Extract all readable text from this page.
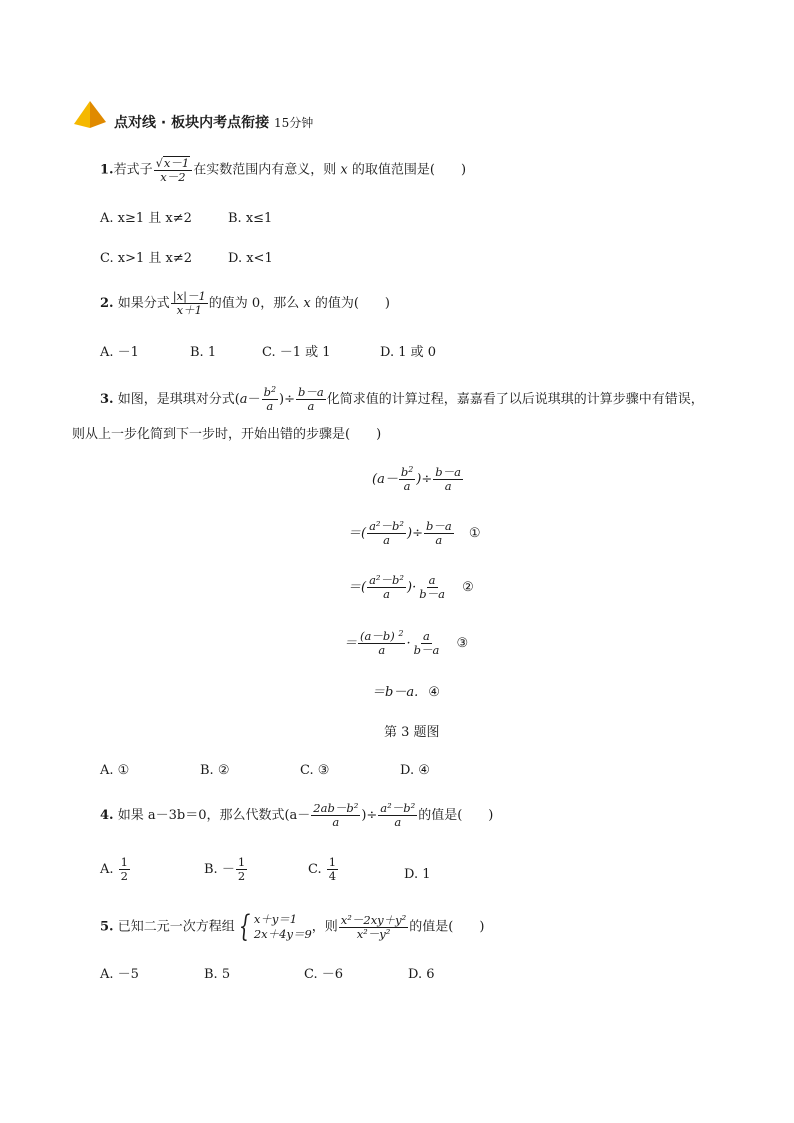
点对线 · 板块内考点衔接 15分钟
1.若式子 $\frac{√ x-1}{x-2}$ 在实数范围内有意义，则 x 的取值范围是(　　)
A. x≥1 且 x≠2	B. x≤1
C. x>1 且 x≠2	D. x<1
2. 如果分式 $\frac{|x|-1}{x+1}$ 的值为 0，那么 x 的值为(　　)
A. －1	B. 1	C. －1 或 1	D. 1 或 0
3. 如图，是琪琪对分式($a- \frac{b^2}{a}$ )÷ $\frac{b-a}{a}$ 化简求值的计算过程，嘉嘉看了以后说琪琪的计算步骤中有错误，
则从上一步化简到下一步时，开始出错的步骤是(　　)
($a- \frac{b^2}{a}$ )÷ $\frac{b-a}{a}$
＝( $\frac{\text{a²－b²}}{a}$ )÷ $\frac{b-a}{a}$ ①
＝( $\frac{\text{a²－b²}}{a}$ )· $\frac{a}{b-a}$ ②
＝ $\frac{(a-b) ^2}{a} \cdot \frac{a}{b-a}$ ③
＝b－a. ④
第 3 题图
A. ①	B. ②	C. ③	D. ④
4. 如果 a－3b＝0，那么代数式($a- \frac{\text{2ab－b²}}{a}$ )÷ $\frac{\text{a²－b²}}{a}$ 的值是(　　)
A. $\frac{1}{2}$	B. － $\frac{1}{2}$	C. $\frac{1}{4}$	D. 1
5. 已知二元一次方程组 { x＋y＝1
2x＋4y＝9 ，则 $\frac{\text{x²－2xy＋y²}}{\text{x²－y²}}$ 的值是(　　)
A. －5	B. 5	C. －6	D. 6
